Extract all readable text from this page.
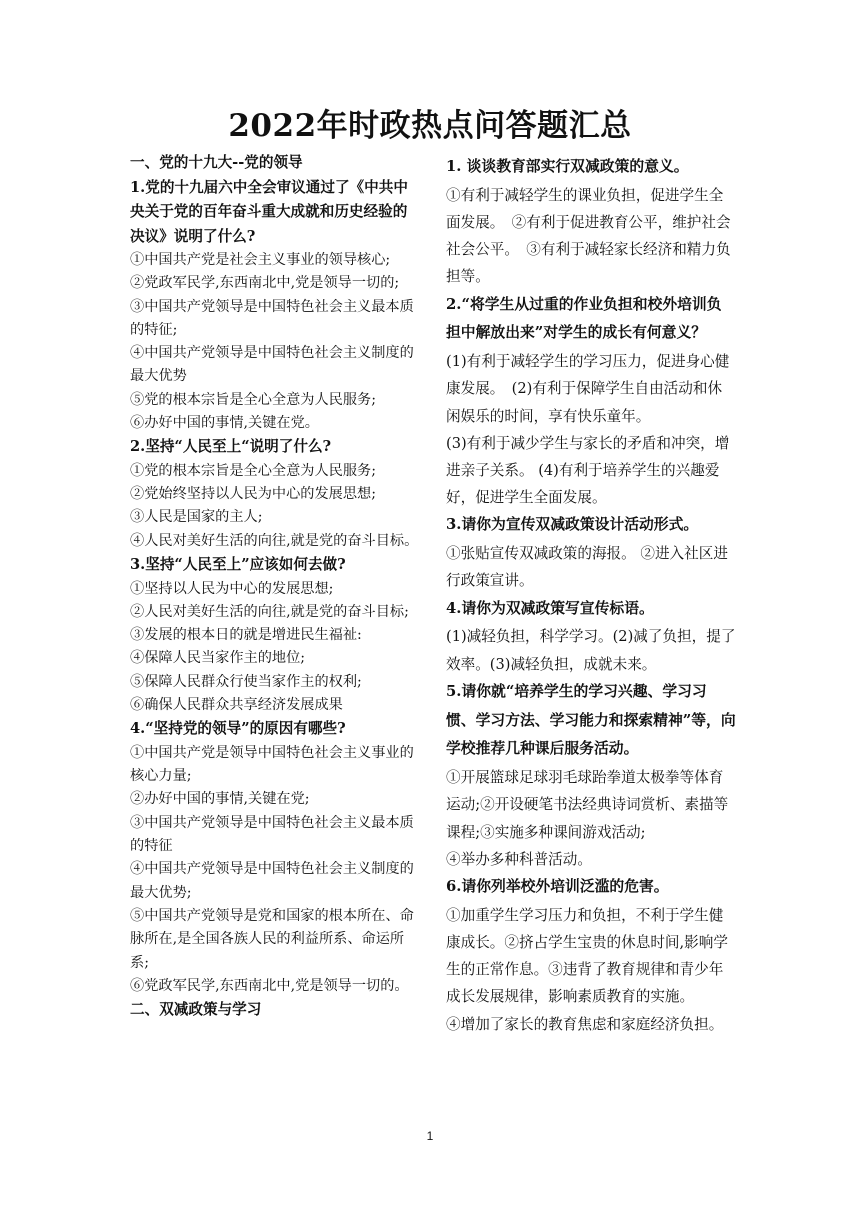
2022年时政热点问答题汇总

一、党的十九大--党的领导

1.党的十九届六中全会审议通过了《中共中央关于党的百年奋斗重大成就和历史经验的决议》说明了什么?

①中国共产党是社会主义事业的领导核心;

②党政军民学,东西南北中,党是领导一切的;

③中国共产党领导是中国特色社会主义最本质的特征;

④中国共产党领导是中国特色社会主义制度的最大优势

⑤党的根本宗旨是全心全意为人民服务;

⑥办好中国的事情,关键在党。

2.坚持“人民至上“说明了什么?

①党的根本宗旨是全心全意为人民服务;

②党始终坚持以人民为中心的发展思想;

③人民是国家的主人;

④人民对美好生活的向往,就是党的奋斗目标。

3.坚持“人民至上”应该如何去做?

①坚持以人民为中心的发展思想;

②人民对美好生活的向往,就是党的奋斗目标;

③发展的根本日的就是增进民生福祉:

④保障人民当家作主的地位;

⑤保障人民群众行使当家作主的权利;

⑥确保人民群众共享经济发展成果

4.“坚持党的领导”的原因有哪些?

①中国共产党是领导中国特色社会主义事业的核心力量;

②办好中国的事情,关键在党;

③中国共产党领导是中国特色社会主义最本质的特征

④中国共产党领导是中国特色社会主义制度的最大优势;

⑤中国共产党领导是党和国家的根本所在、命脉所在,是全国各族人民的利益所系、命运所系;

⑥党政军民学,东西南北中,党是领导一切的。

二、双减政策与学习

1. 谈谈教育部实行双减政策的意义。

①有利于减轻学生的课业负担，促进学生全面发展。　②有利于促进教育公平，维护社会社会公平。　③有利于减轻家长经济和精力负担等。

2.“将学生从过重的作业负担和校外培训负担中解放出来”对学生的成长有何意义？

(1)有利于减轻学生的学习压力，促进身心健康发展。　(2)有利于保障学生自由活动和休闲娱乐的时间，享有快乐童年。

(3)有利于减少学生与家长的矛盾和冲突，增进亲子关系。 (4)有利于培养学生的兴趣爱好，促进学生全面发展。

3.请你为宣传双减政策设计活动形式。

①张贴宣传双减政策的海报。 ②进入社区进行政策宣讲。

4.请你为双减政策写宣传标语。

(1)减轻负担，科学学习。(2)减了负担，提了效率。(3)减轻负担，成就未来。

5.请你就“培养学生的学习兴趣、学习习惯、学习方法、学习能力和探索精神”等，向学校推荐几种课后服务活动。

①开展篮球足球羽毛球跆拳道太极拳等体育运动;②开设硬笔书法经典诗词赏析、素描等课程;③实施多种课间游戏活动;

④举办多种科普活动。

6.请你列举校外培训泛滥的危害。

①加重学生学习压力和负担，不利于学生健康成长。②挤占学生宝贵的休息时间,影响学生的正常作息。③违背了教育规律和青少年成长发展规律，影响素质教育的实施。

④增加了家长的教育焦虑和家庭经济负担。

1
